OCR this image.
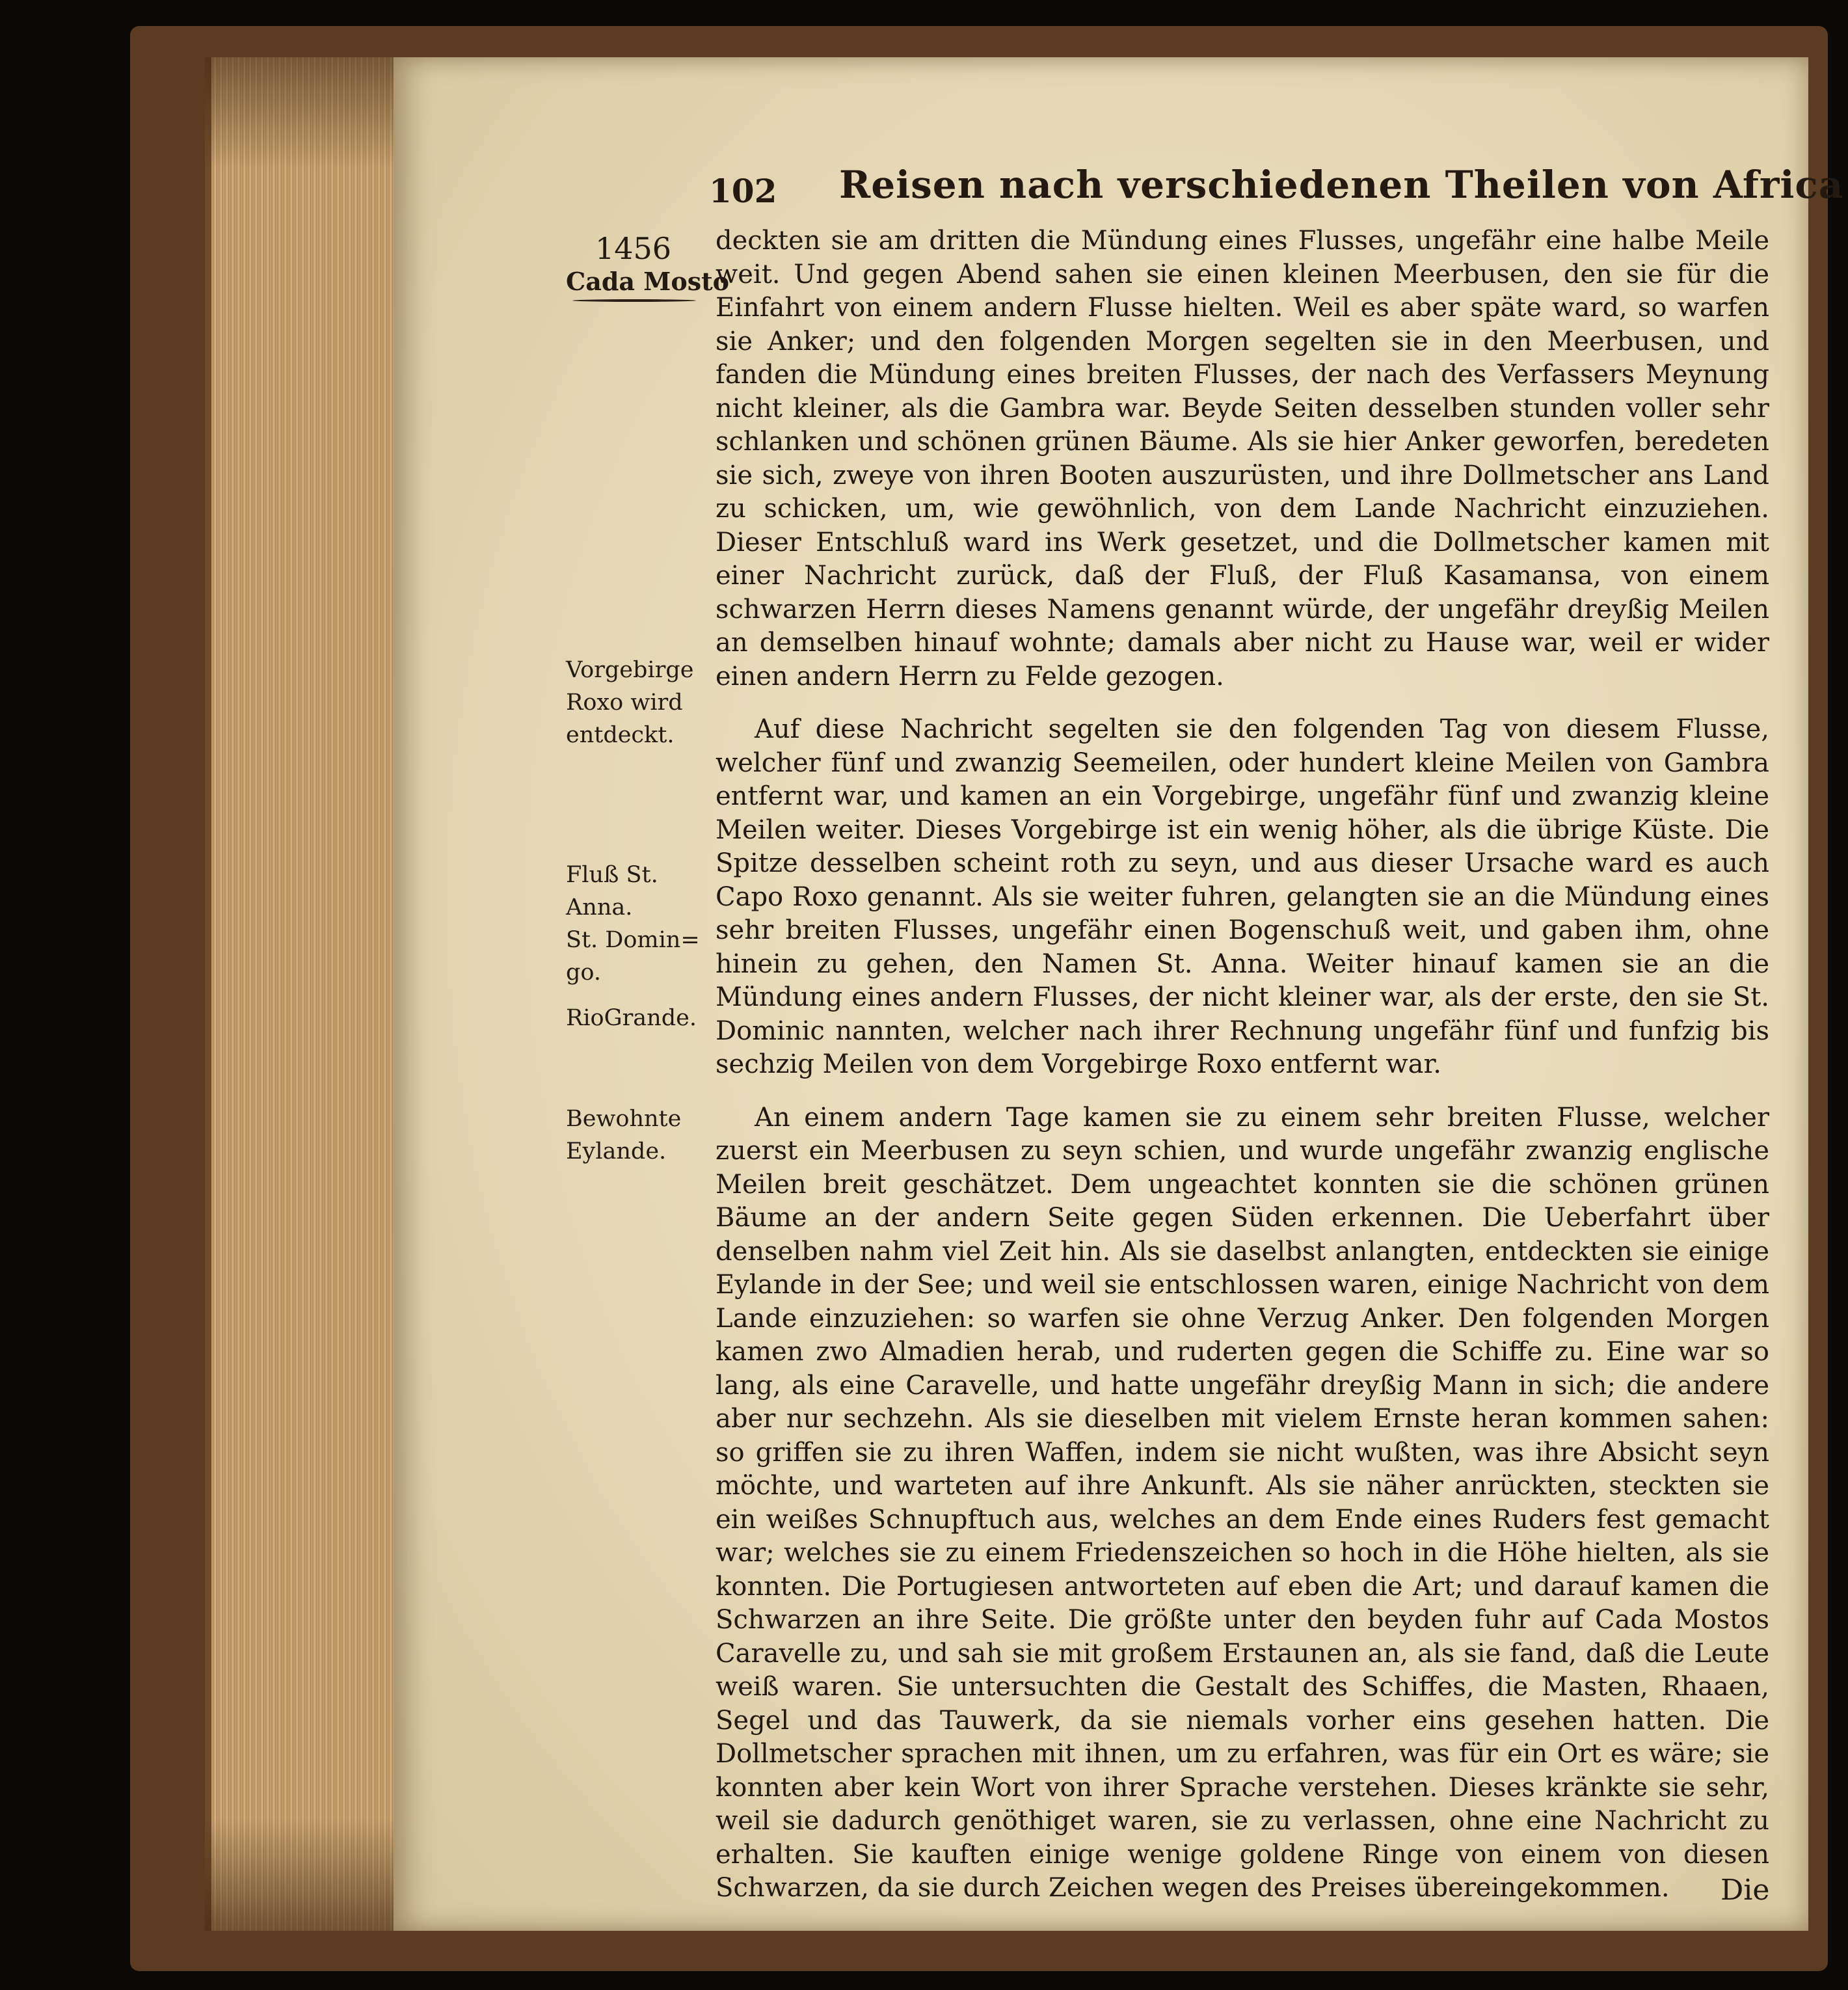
102 Reisen nach verschiedenen Theilen von Africa
1456
Cada Mosto
Vorgebirge
Roxo wird
entdeckt.
Fluß St.
Anna.
St. Domin=
go.
RioGrande.
Bewohnte
Eylande.

deckten sie am dritten die Mündung eines Flusses, ungefähr eine halbe Meile weit. Und gegen Abend sahen sie einen kleinen Meerbusen, den sie für die Einfahrt von einem andern Flusse hielten. Weil es aber späte ward, so warfen sie Anker; und den folgenden Morgen segelten sie in den Meerbusen, und fanden die Mündung eines breiten Flusses, der nach des Verfassers Meynung nicht kleiner, als die Gambra war. Beyde Seiten desselben stunden voller sehr schlanken und schönen grünen Bäume. Als sie hier Anker geworfen, beredeten sie sich, zweye von ihren Booten auszurüsten, und ihre Dollmetscher ans Land zu schicken, um, wie gewöhnlich, von dem Lande Nachricht einzuziehen. Dieser Entschluß ward ins Werk gesetzet, und die Dollmetscher kamen mit einer Nachricht zurück, daß der Fluß, der Fluß Kasamansa, von einem schwarzen Herrn dieses Namens genannt würde, der ungefähr dreyßig Meilen an demselben hinauf wohnte; damals aber nicht zu Hause war, weil er wider einen andern Herrn zu Felde gezogen.

Auf diese Nachricht segelten sie den folgenden Tag von diesem Flusse, welcher fünf und zwanzig Seemeilen, oder hundert kleine Meilen von Gambra entfernt war, und kamen an ein Vorgebirge, ungefähr fünf und zwanzig kleine Meilen weiter. Dieses Vorgebirge ist ein wenig höher, als die übrige Küste. Die Spitze desselben scheint roth zu seyn, und aus dieser Ursache ward es auch Capo Roxo genannt. Als sie weiter fuhren, gelangten sie an die Mündung eines sehr breiten Flusses, ungefähr einen Bogenschuß weit, und gaben ihm, ohne hinein zu gehen, den Namen St. Anna. Weiter hinauf kamen sie an die Mündung eines andern Flusses, der nicht kleiner war, als der erste, den sie St. Dominic nannten, welcher nach ihrer Rechnung ungefähr fünf und funfzig bis sechzig Meilen von dem Vorgebirge Roxo entfernt war.

An einem andern Tage kamen sie zu einem sehr breiten Flusse, welcher zuerst ein Meerbusen zu seyn schien, und wurde ungefähr zwanzig englische Meilen breit geschätzet. Dem ungeachtet konnten sie die schönen grünen Bäume an der andern Seite gegen Süden erkennen. Die Ueberfahrt über denselben nahm viel Zeit hin. Als sie daselbst anlangten, entdeckten sie einige Eylande in der See; und weil sie entschlossen waren, einige Nachricht von dem Lande einzuziehen: so warfen sie ohne Verzug Anker. Den folgenden Morgen kamen zwo Almadien herab, und ruderten gegen die Schiffe zu. Eine war so lang, als eine Caravelle, und hatte ungefähr dreyßig Mann in sich; die andere aber nur sechzehn. Als sie dieselben mit vielem Ernste heran kommen sahen: so griffen sie zu ihren Waffen, indem sie nicht wußten, was ihre Absicht seyn möchte, und warteten auf ihre Ankunft. Als sie näher anrückten, steckten sie ein weißes Schnupftuch aus, welches an dem Ende eines Ruders fest gemacht war; welches sie zu einem Friedenszeichen so hoch in die Höhe hielten, als sie konnten. Die Portugiesen antworteten auf eben die Art; und darauf kamen die Schwarzen an ihre Seite. Die größte unter den beyden fuhr auf Cada Mostos Caravelle zu, und sah sie mit großem Erstaunen an, als sie fand, daß die Leute weiß waren. Sie untersuchten die Gestalt des Schiffes, die Masten, Rhaaen, Segel und das Tauwerk, da sie niemals vorher eins gesehen hatten. Die Dollmetscher sprachen mit ihnen, um zu erfahren, was für ein Ort es wäre; sie konnten aber kein Wort von ihrer Sprache verstehen. Dieses kränkte sie sehr, weil sie dadurch genöthiget waren, sie zu verlassen, ohne eine Nachricht zu erhalten. Sie kauften einige wenige goldene Ringe von einem von diesen Schwarzen, da sie durch Zeichen wegen des Preises übereingekommen.	Die
